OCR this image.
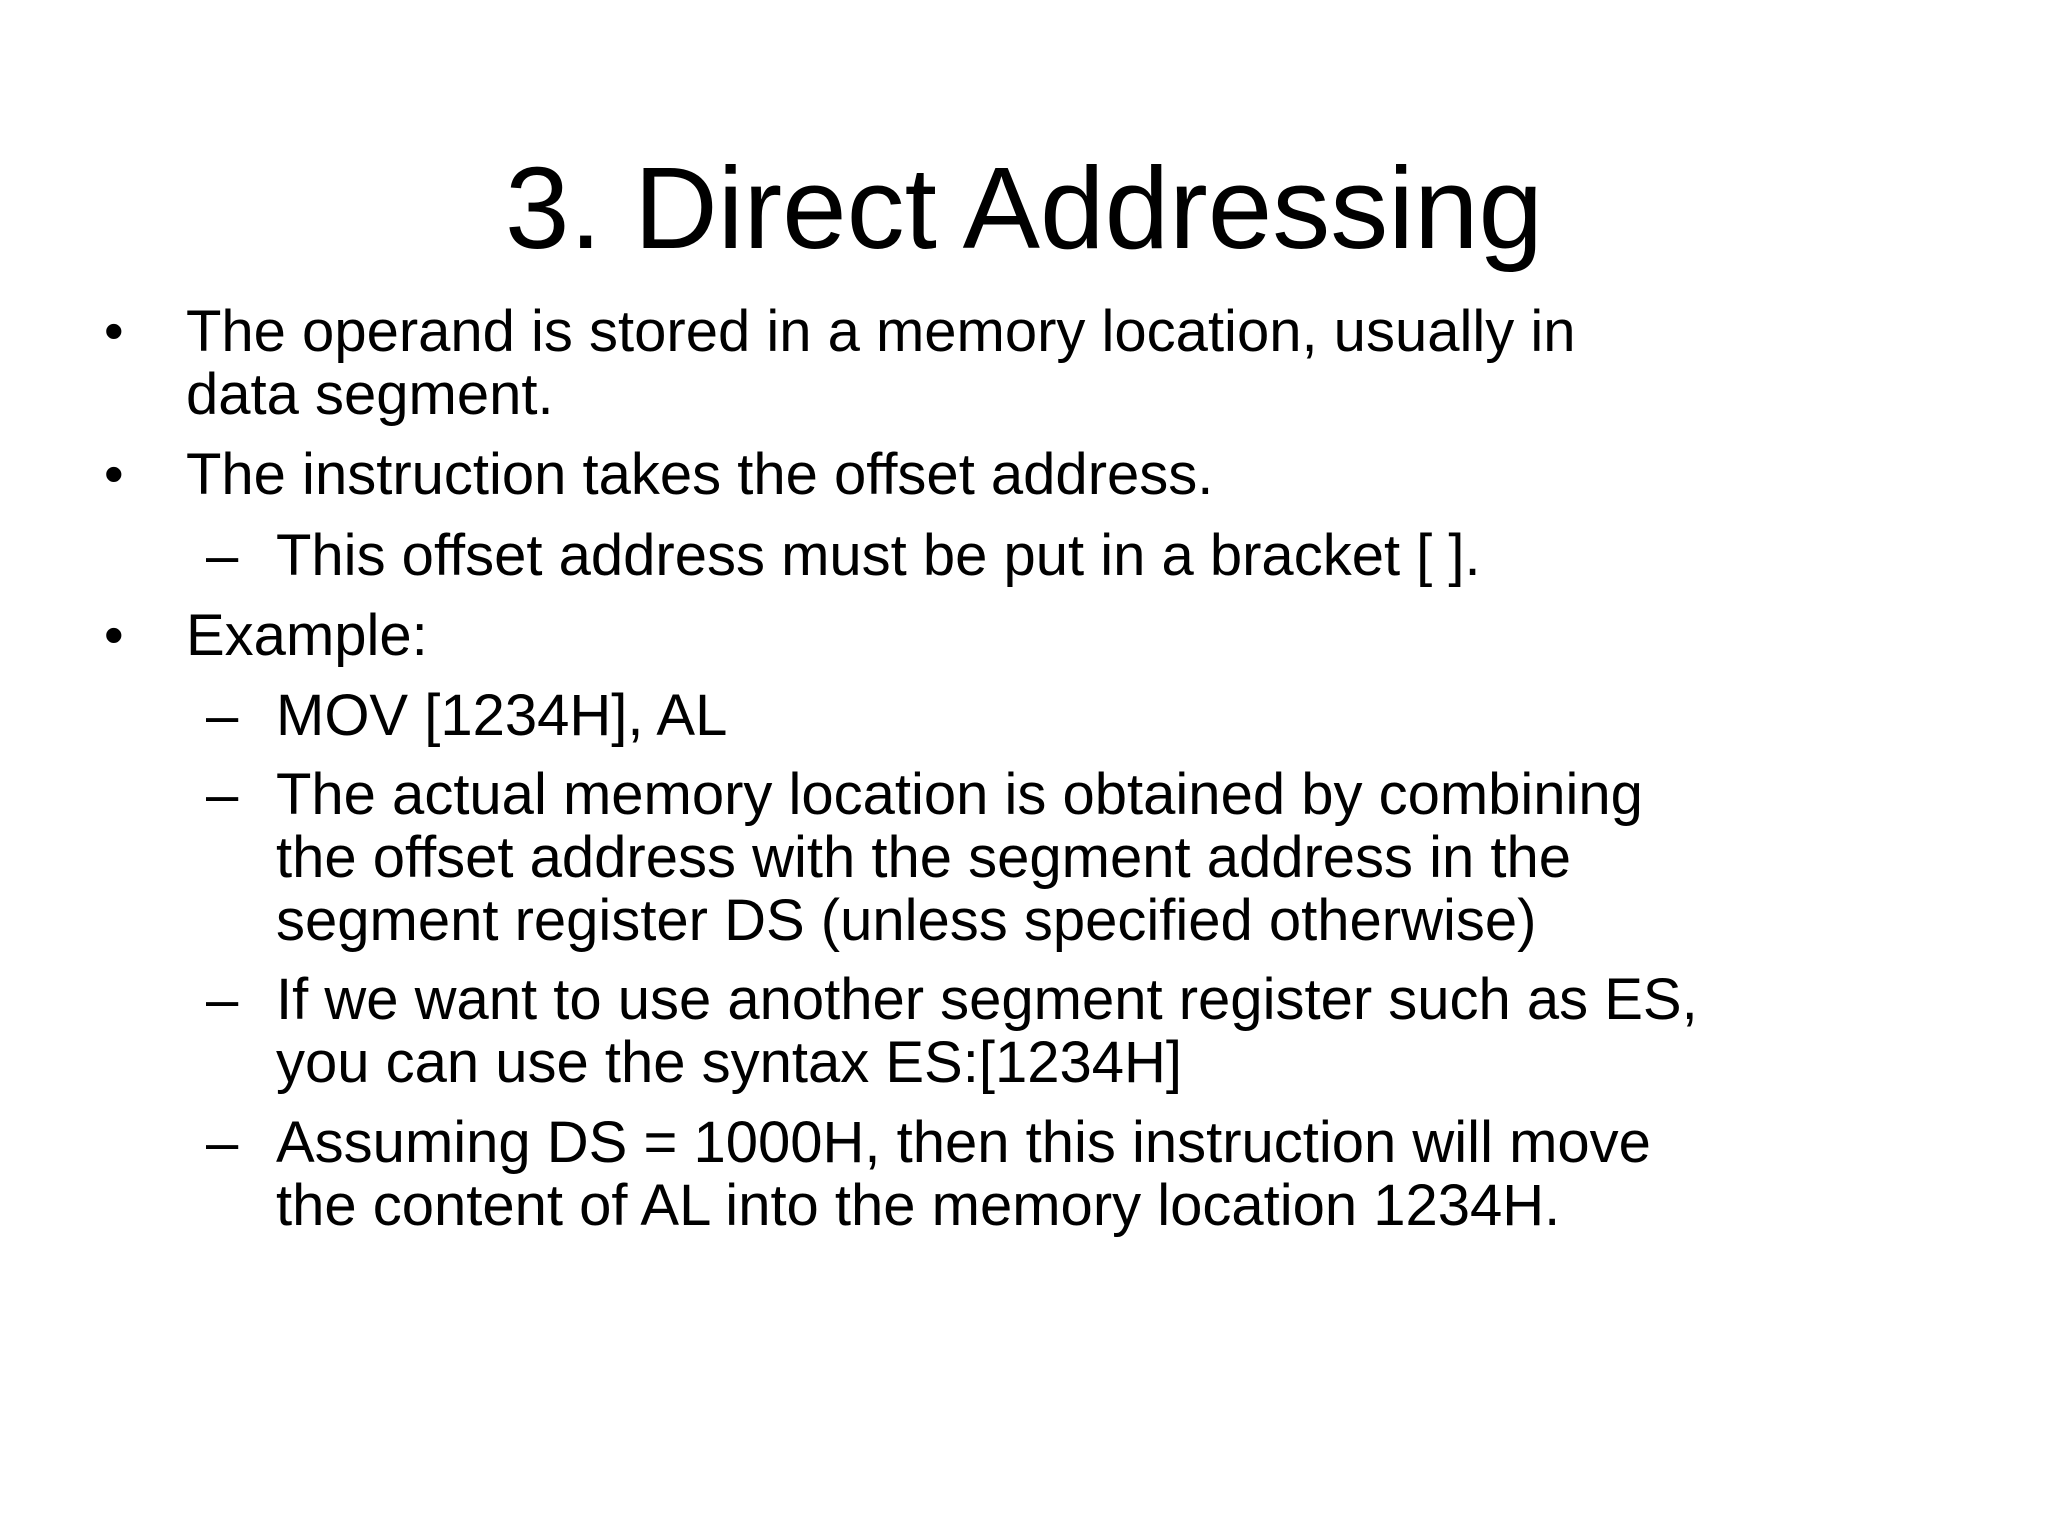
3. Direct Addressing
• The operand is stored in a memory location, usually in
data segment.
• The instruction takes the offset address.
– This offset address must be put in a bracket [ ].
• Example:
– MOV [1234H], AL
– The actual memory location is obtained by combining
the offset address with the segment address in the
segment register DS (unless specified otherwise)
– If we want to use another segment register such as ES,
you can use the syntax ES:[1234H]
– Assuming DS = 1000H, then this instruction will move
the content of AL into the memory location 1234H.
